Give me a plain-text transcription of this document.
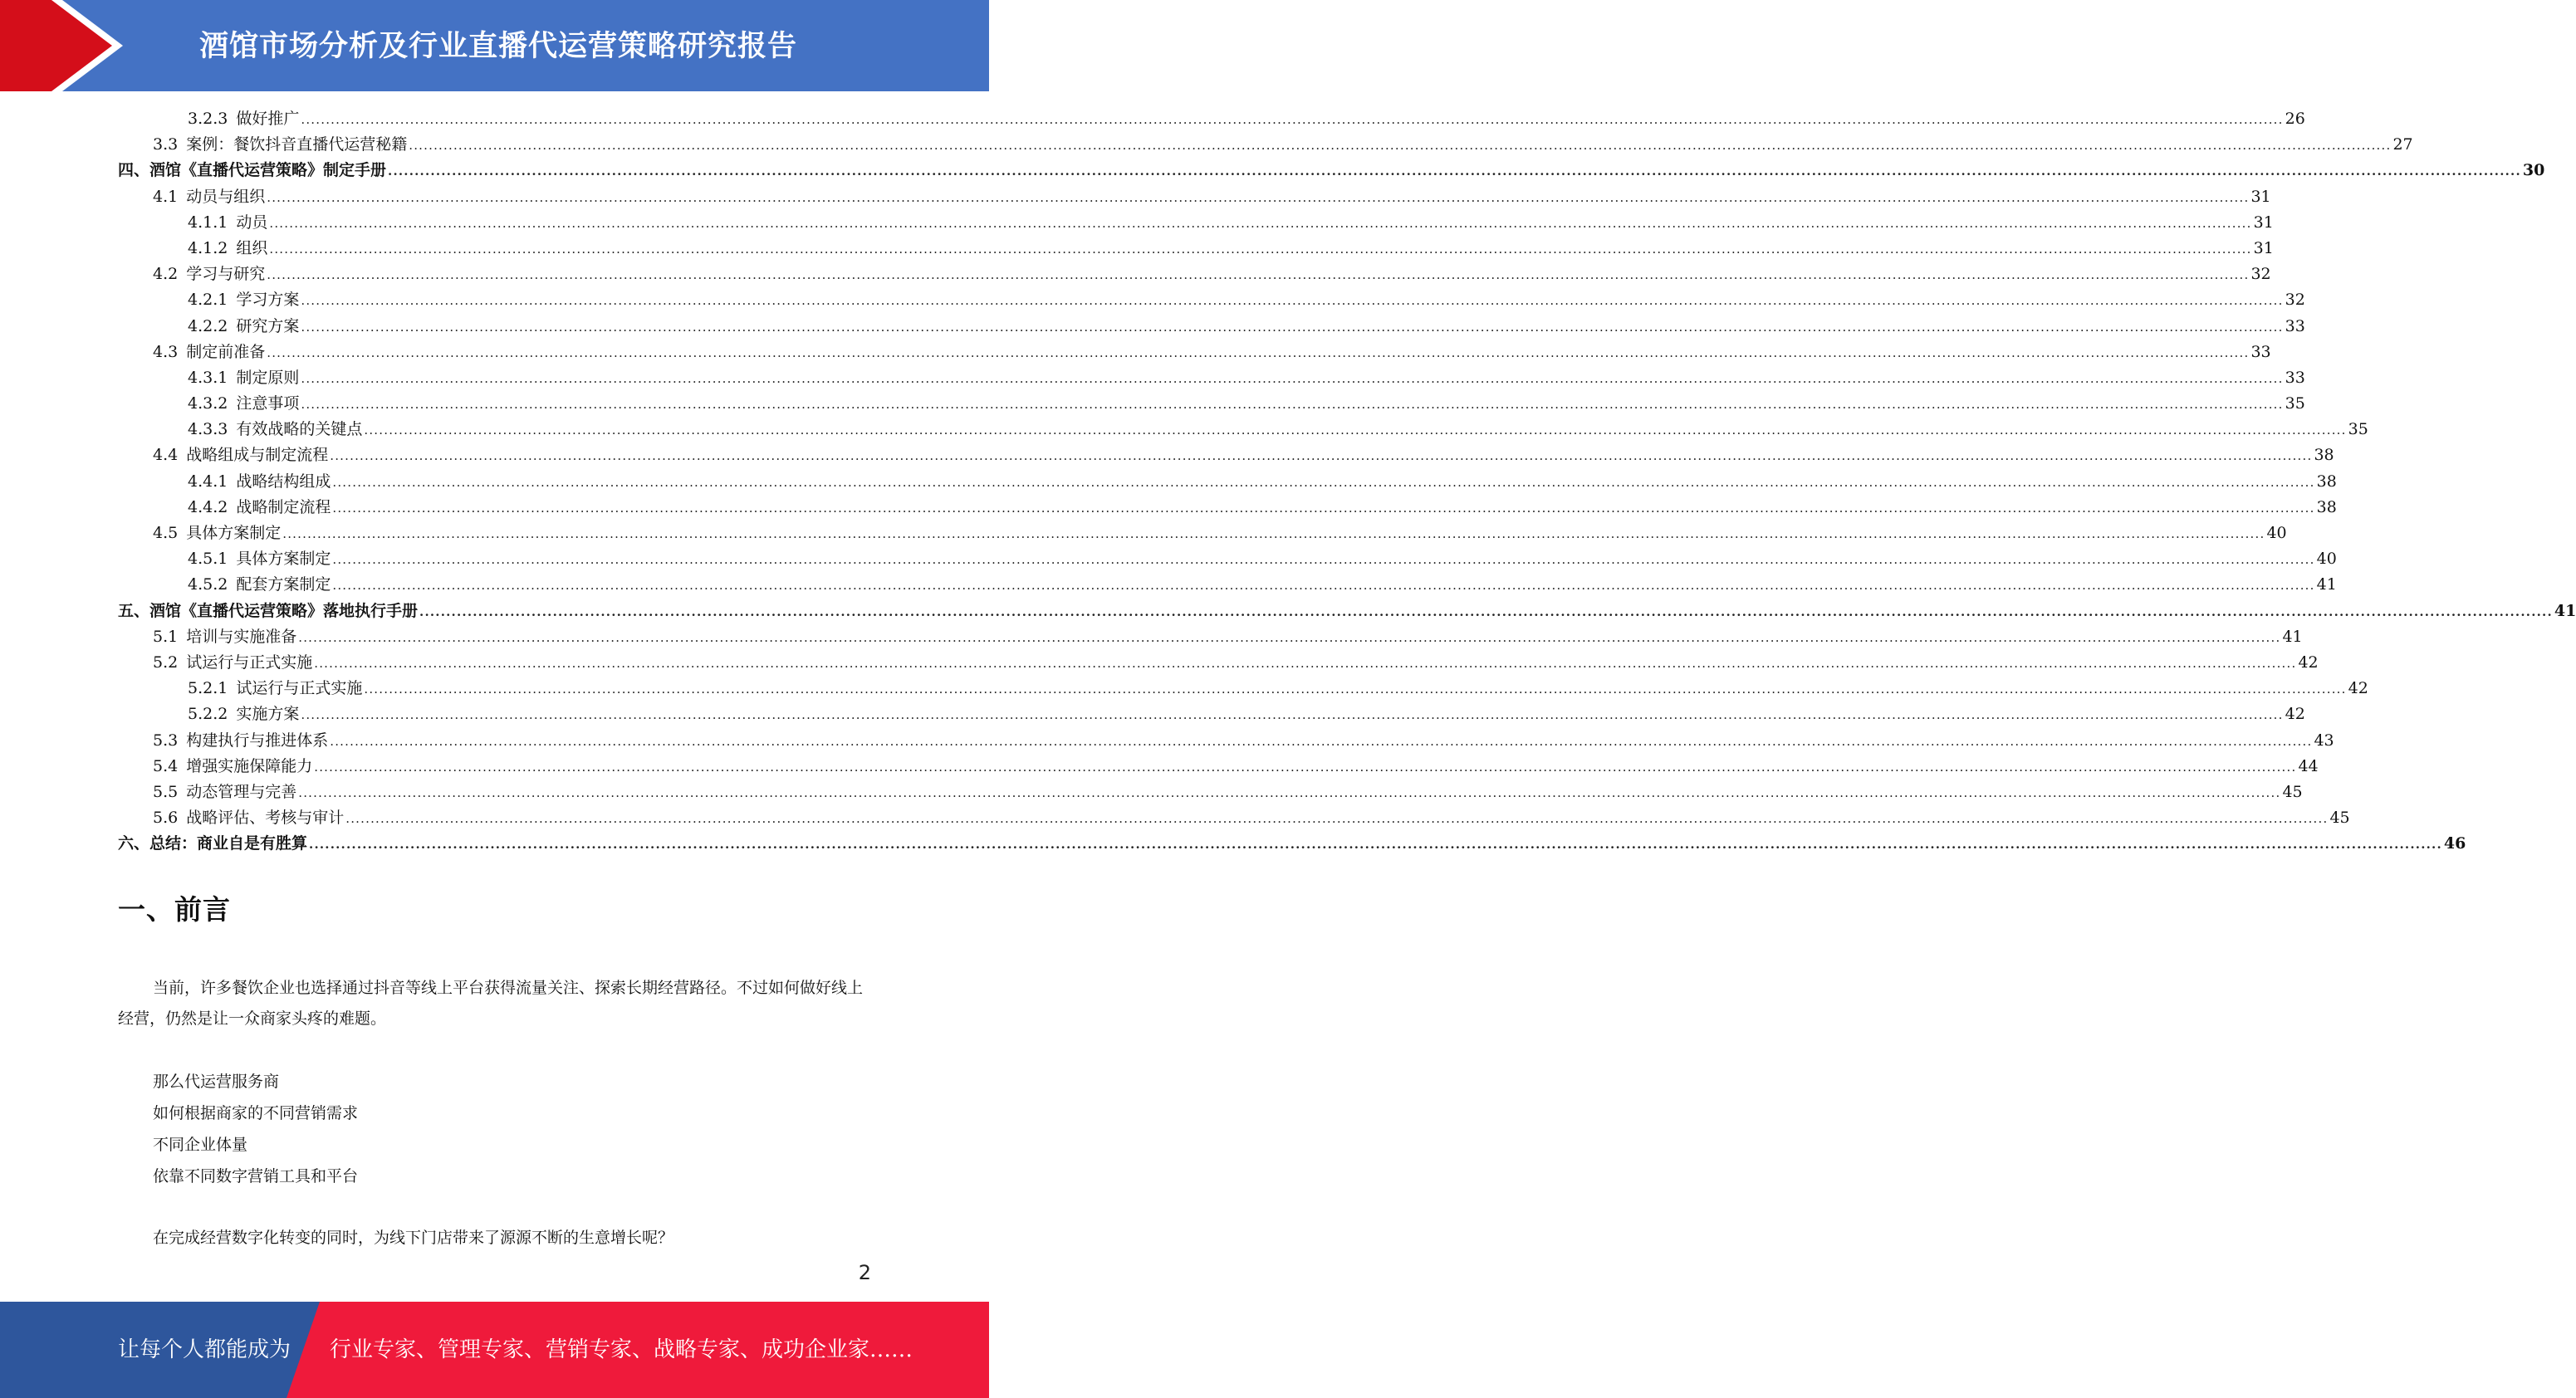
酒馆市场分析及行业直播代运营策略研究报告
3.2.3 做好推广 ................................................................................................................................................................................................................................................................................................................................................................................................................ 26
3.3 案例：餐饮抖音直播代运营秘籍 ................................................................................................................................................................................................................................................................................................................................................................................................................ 27
四、酒馆《直播代运营策略》制定手册 ................................................................................................................................................................................................................................................................................................................................................................................................................ 30
4.1 动员与组织 ................................................................................................................................................................................................................................................................................................................................................................................................................ 31
4.1.1 动员 ................................................................................................................................................................................................................................................................................................................................................................................................................ 31
4.1.2 组织 ................................................................................................................................................................................................................................................................................................................................................................................................................ 31
4.2 学习与研究 ................................................................................................................................................................................................................................................................................................................................................................................................................ 32
4.2.1 学习方案 ................................................................................................................................................................................................................................................................................................................................................................................................................ 32
4.2.2 研究方案 ................................................................................................................................................................................................................................................................................................................................................................................................................ 33
4.3 制定前准备 ................................................................................................................................................................................................................................................................................................................................................................................................................ 33
4.3.1 制定原则 ................................................................................................................................................................................................................................................................................................................................................................................................................ 33
4.3.2 注意事项 ................................................................................................................................................................................................................................................................................................................................................................................................................ 35
4.3.3 有效战略的关键点 ................................................................................................................................................................................................................................................................................................................................................................................................................ 35
4.4 战略组成与制定流程 ................................................................................................................................................................................................................................................................................................................................................................................................................ 38
4.4.1 战略结构组成 ................................................................................................................................................................................................................................................................................................................................................................................................................ 38
4.4.2 战略制定流程 ................................................................................................................................................................................................................................................................................................................................................................................................................ 38
4.5 具体方案制定 ................................................................................................................................................................................................................................................................................................................................................................................................................ 40
4.5.1 具体方案制定 ................................................................................................................................................................................................................................................................................................................................................................................................................ 40
4.5.2 配套方案制定 ................................................................................................................................................................................................................................................................................................................................................................................................................ 41
五、酒馆《直播代运营策略》落地执行手册 ................................................................................................................................................................................................................................................................................................................................................................................................................ 41
5.1 培训与实施准备 ................................................................................................................................................................................................................................................................................................................................................................................................................ 41
5.2 试运行与正式实施 ................................................................................................................................................................................................................................................................................................................................................................................................................ 42
5.2.1 试运行与正式实施 ................................................................................................................................................................................................................................................................................................................................................................................................................ 42
5.2.2 实施方案 ................................................................................................................................................................................................................................................................................................................................................................................................................ 42
5.3 构建执行与推进体系 ................................................................................................................................................................................................................................................................................................................................................................................................................ 43
5.4 增强实施保障能力 ................................................................................................................................................................................................................................................................................................................................................................................................................ 44
5.5 动态管理与完善 ................................................................................................................................................................................................................................................................................................................................................................................................................ 45
5.6 战略评估、考核与审计 ................................................................................................................................................................................................................................................................................................................................................................................................................ 45
六、总结：商业自是有胜算 ................................................................................................................................................................................................................................................................................................................................................................................................................ 46
一、前言
当前，许多餐饮企业也选择通过抖音等线上平台获得流量关注、探索长期经营路径。不过如何做好线上经营，仍然是让一众商家头疼的难题。
那么代运营服务商
如何根据商家的不同营销需求
不同企业体量
依靠不同数字营销工具和平台
在完成经营数字化转变的同时，为线下门店带来了源源不断的生意增长呢？
2
让每个人都能成为 行业专家、管理专家、营销专家、战略专家、成功企业家……
